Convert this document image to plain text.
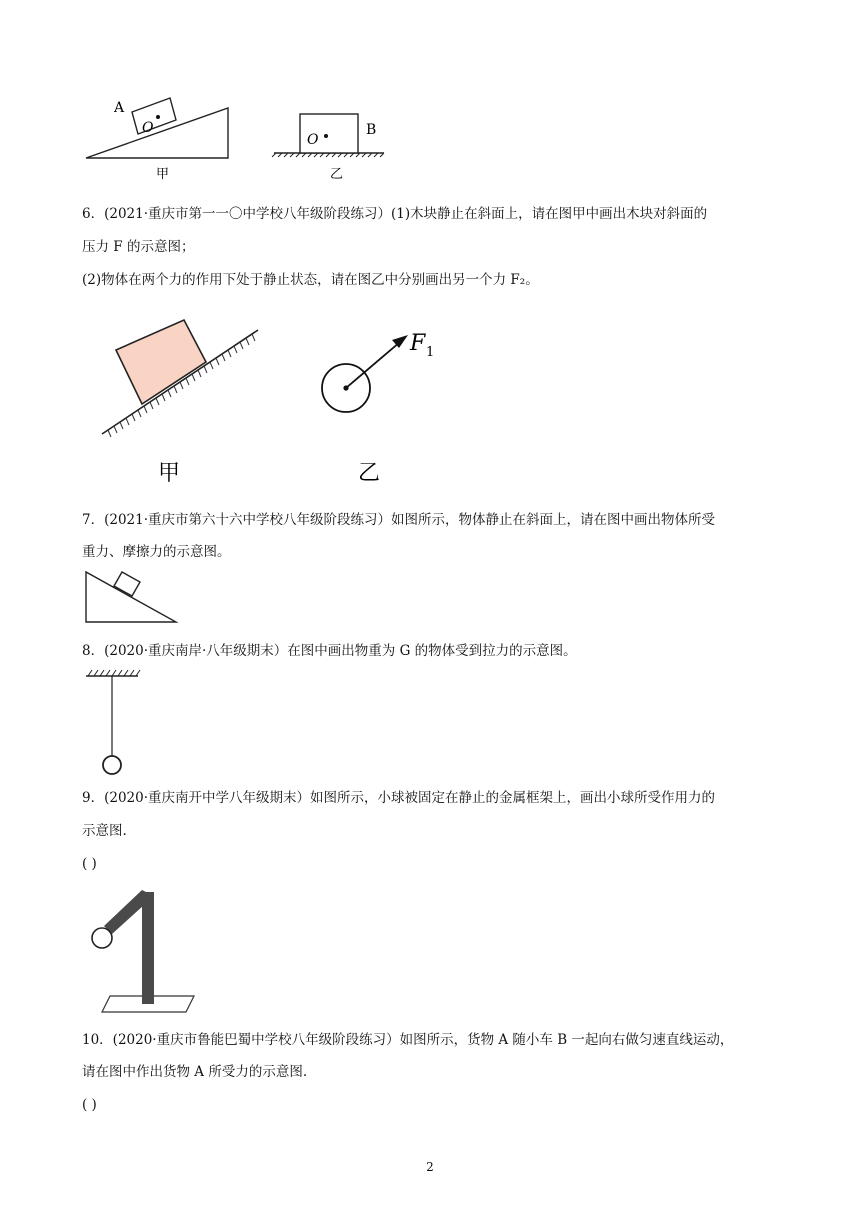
A
O
甲
O
B
乙
6．(2021·重庆市第一一〇中学校八年级阶段练习）(1)木块静止在斜面上，请在图甲中画出木块对斜面的
压力 F 的示意图；
(2)物体在两个力的作用下处于静止状态，请在图乙中分别画出另一个力 F₂。
甲
F 1
乙
7．(2021·重庆市第六十六中学校八年级阶段练习）如图所示，物体静止在斜面上，请在图中画出物体所受
重力、摩擦力的示意图。
8．(2020·重庆南岸·八年级期末）在图中画出物重为 G 的物体受到拉力的示意图。
9．(2020·重庆南开中学八年级期末）如图所示，小球被固定在静止的金属框架上，画出小球所受作用力的
示意图.
( )
10．(2020·重庆市鲁能巴蜀中学校八年级阶段练习）如图所示，货物 A 随小车 B 一起向右做匀速直线运动，
请在图中作出货物 A 所受力的示意图.
( )
2
